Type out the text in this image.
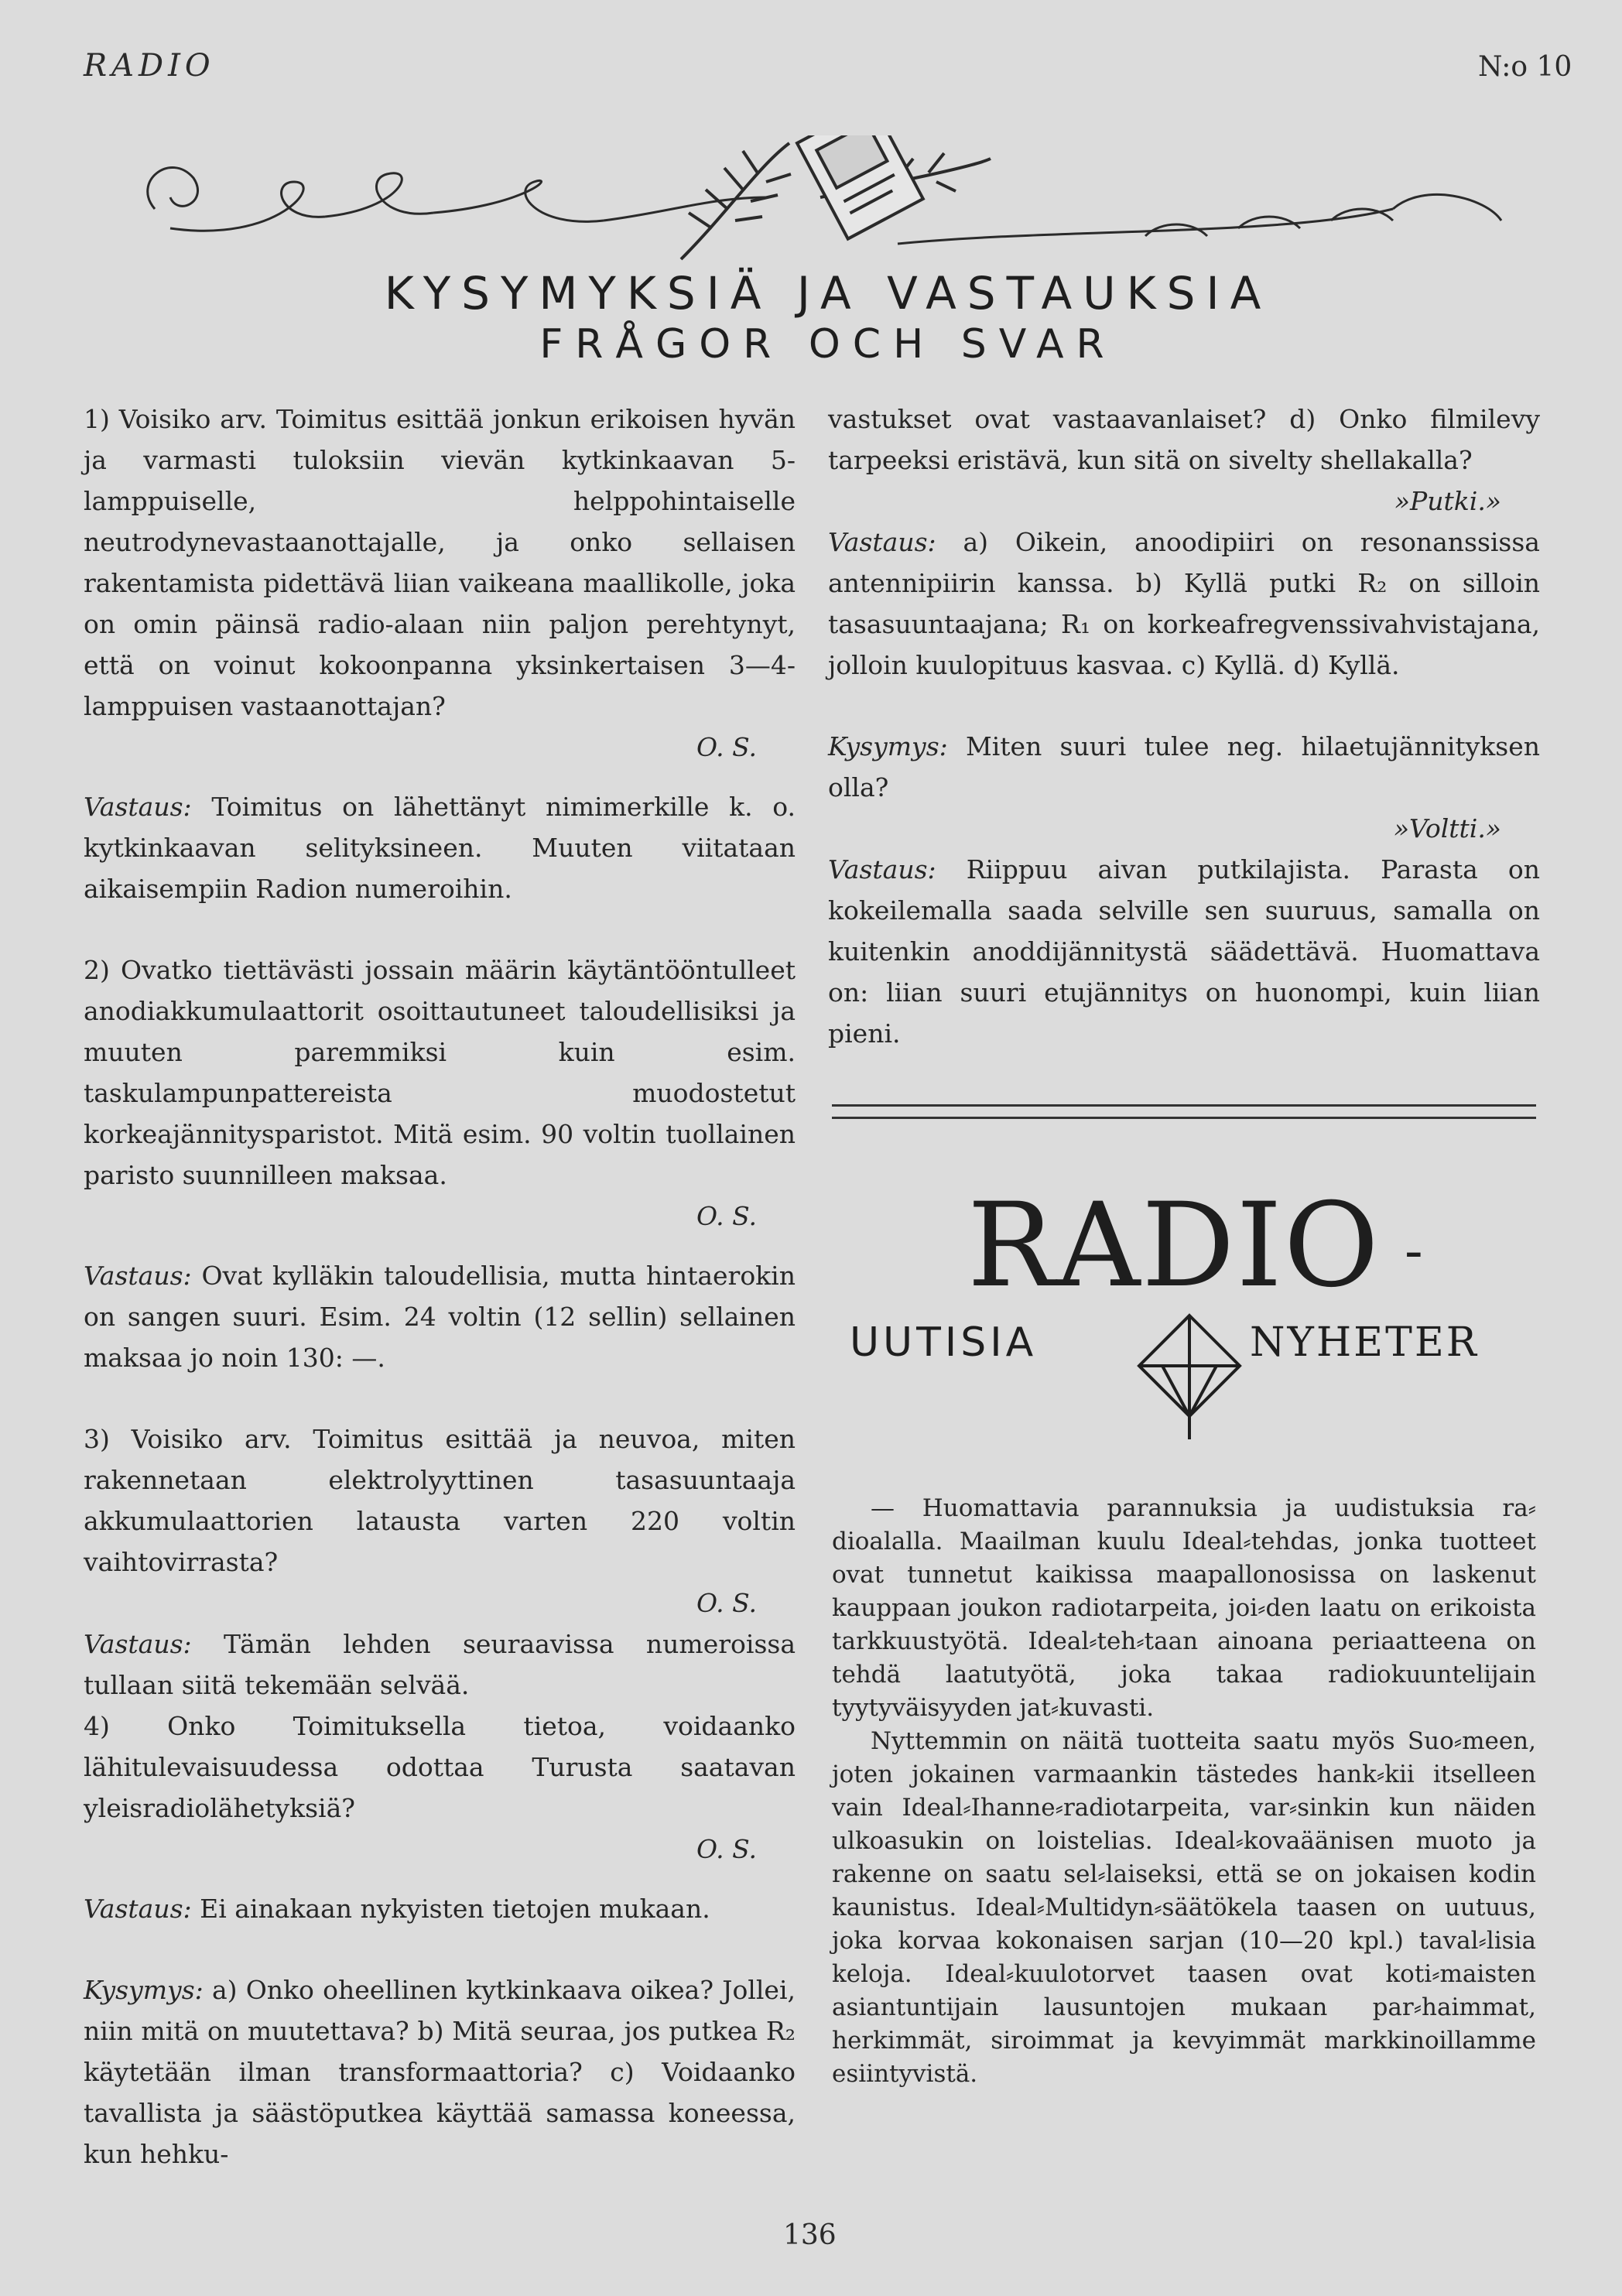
RADIO	N:o 10
KYSYMYKSIÄ JA VASTAUKSIA
FRÅGOR OCH SVAR

1) Voisiko arv. Toimitus esittää jonkun erikoisen hyvän ja varmasti tuloksiin vievän kytkinkaavan 5-lamppuiselle, helppohintaiselle neutrodynevastaanottajalle, ja onko sellaisen rakentamista pidettävä liian vaikeana maallikolle, joka on omin päinsä radio-alaan niin paljon perehtynyt, että on voinut kokoonpanna yksinkertaisen 3—4-lamppuisen vastaanottajan?

O. S.

Vastaus: Toimitus on lähettänyt nimimerkille k. o. kytkinkaavan selityksineen. Muuten viitataan aikaisempiin Radion numeroihin.

2) Ovatko tiettävästi jossain määrin käytäntööntulleet anodiakkumulaattorit osoittautuneet taloudellisiksi ja muuten paremmiksi kuin esim. taskulampunpattereista muodostetut korkeajännitysparistot. Mitä esim. 90 voltin tuollainen paristo suunnilleen maksaa.

O. S.

Vastaus: Ovat kylläkin taloudellisia, mutta hintaerokin on sangen suuri. Esim. 24 voltin (12 sellin) sellainen maksaa jo noin 130: —.

3) Voisiko arv. Toimitus esittää ja neuvoa, miten rakennetaan elektrolyyttinen tasasuuntaaja akkumulaattorien latausta varten 220 voltin vaihtovirrasta?

O. S.

Vastaus: Tämän lehden seuraavissa numeroissa tullaan siitä tekemään selvää.

4) Onko Toimituksella tietoa, voidaanko lähitulevaisuudessa odottaa Turusta saatavan yleisradiolähetyksiä?

O. S.

Vastaus: Ei ainakaan nykyisten tietojen mukaan.

Kysymys: a) Onko oheellinen kytkinkaava oikea? Jollei, niin mitä on muutettava? b) Mitä seuraa, jos putkea R₂ käytetään ilman transformaattoria? c) Voidaanko tavallista ja säästöputkea käyttää samassa koneessa, kun hehku-

vastukset ovat vastaavanlaiset? d) Onko filmilevy tarpeeksi eristävä, kun sitä on sivelty shellakalla?

»Putki.»

Vastaus: a) Oikein, anoodipiiri on resonanssissa antennipiirin kanssa. b) Kyllä putki R₂ on silloin tasasuuntaajana; R₁ on korkeafregvenssivahvistajana, jolloin kuulopituus kasvaa. c) Kyllä. d) Kyllä.

Kysymys: Miten suuri tulee neg. hilaetujännityksen olla?

»Voltti.»

Vastaus: Riippuu aivan putkilajista. Parasta on kokeilemalla saada selville sen suuruus, samalla on kuitenkin anoddijännitystä säädettävä. Huomattava on: liian suuri etujännitys on huonompi, kuin liian pieni.

RADIO -
UUTISIA	NYHETER

— Huomattavia parannuksia ja uudistuksia ra⸗dioalalla. Maailman kuulu Ideal⸗tehdas, jonka tuotteet ovat tunnetut kaikissa maapallonosissa on laskenut kauppaan joukon radiotarpeita, joi⸗den laatu on erikoista tarkkuustyötä. Ideal⸗teh⸗taan ainoana periaatteena on tehdä laatutyötä, joka takaa radiokuuntelijain tyytyväisyyden jat⸗kuvasti.

Nyttemmin on näitä tuotteita saatu myös Suo⸗meen, joten jokainen varmaankin tästedes hank⸗kii itselleen vain Ideal⸗Ihanne⸗radiotarpeita, var⸗sinkin kun näiden ulkoasukin on loistelias. Ideal⸗kovaäänisen muoto ja rakenne on saatu sel⸗laiseksi, että se on jokaisen kodin kaunistus. Ideal⸗Multidyn⸗säätökela taasen on uutuus, joka korvaa kokonaisen sarjan (10—20 kpl.) taval⸗lisia keloja. Ideal⸗kuulotorvet taasen ovat koti⸗maisten asiantuntijain lausuntojen mukaan par⸗haimmat, herkimmät, siroimmat ja kevyimmät markkinoillamme esiintyvistä.

136
